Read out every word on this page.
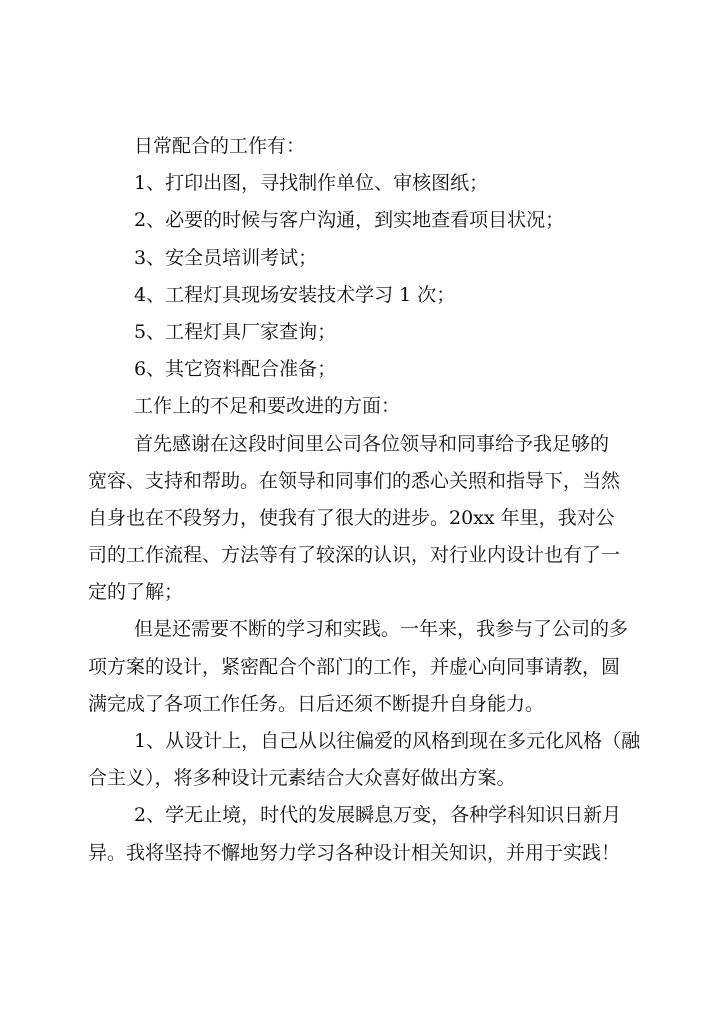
日常配合的工作有：
1、打印出图，寻找制作单位、审核图纸；
2、必要的时候与客户沟通，到实地查看项目状况；
3、安全员培训考试；
4、工程灯具现场安装技术学习 1 次；
5、工程灯具厂家查询；
6、其它资料配合准备；
工作上的不足和要改进的方面：
首先感谢在这段时间里公司各位领导和同事给予我足够的
宽容、支持和帮助。在领导和同事们的悉心关照和指导下，当然
自身也在不段努力，使我有了很大的进步。20xx 年里，我对公
司的工作流程、方法等有了较深的认识，对行业内设计也有了一
定的了解；
但是还需要不断的学习和实践。一年来，我参与了公司的多
项方案的设计，紧密配合个部门的工作，并虚心向同事请教，圆
满完成了各项工作任务。日后还须不断提升自身能力。
1、从设计上，自己从以往偏爱的风格到现在多元化风格（融
合主义），将多种设计元素结合大众喜好做出方案。
2、学无止境，时代的发展瞬息万变，各种学科知识日新月
异。我将坚持不懈地努力学习各种设计相关知识，并用于实践！
